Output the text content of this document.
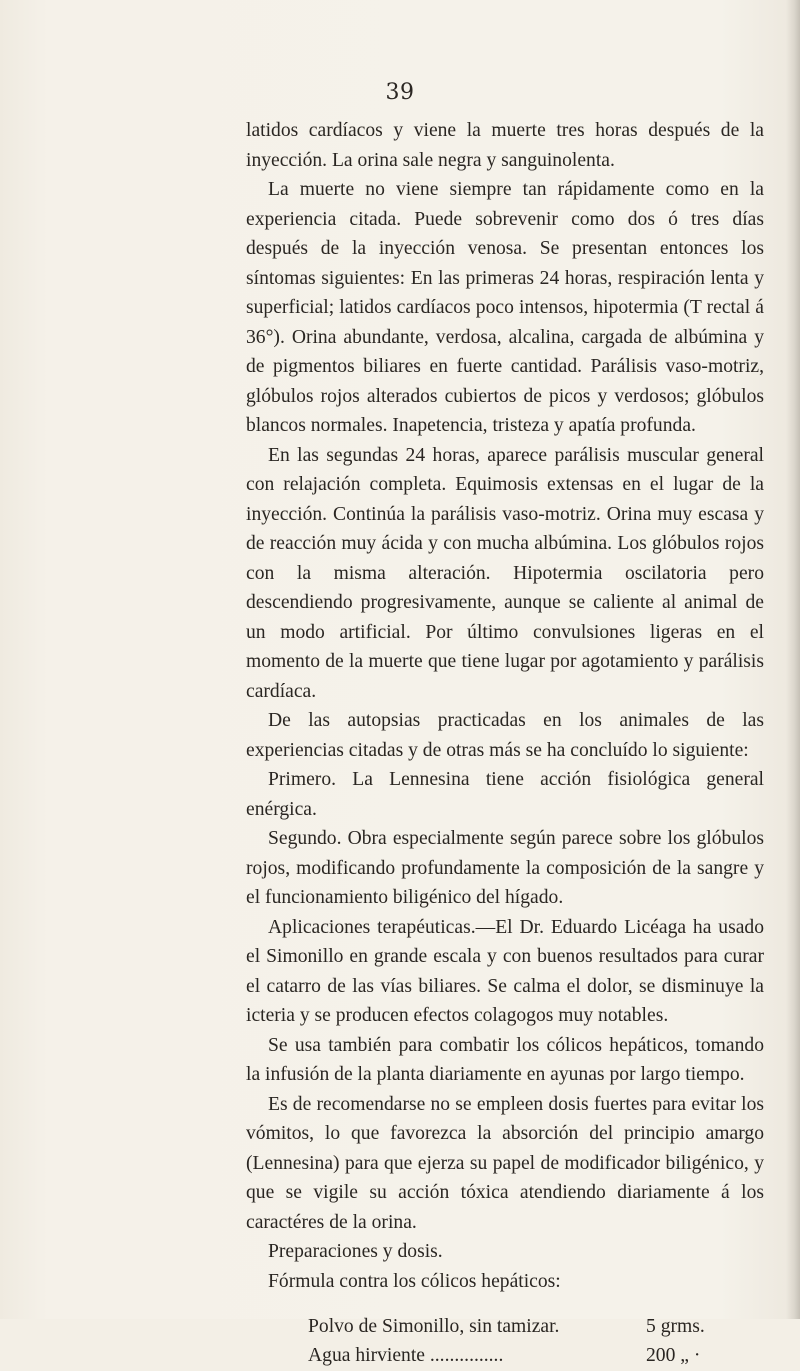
39

latidos cardíacos y viene la muerte tres horas después de la inyección. La orina sale negra y sanguinolenta.

La muerte no viene siempre tan rápidamente como en la experiencia citada. Puede sobrevenir como dos ó tres días después de la inyección venosa. Se presentan entonces los síntomas siguientes: En las primeras 24 horas, respiración lenta y superficial; latidos cardíacos poco intensos, hipotermia (T rectal á 36°). Orina abundante, verdosa, alcalina, cargada de albúmina y de pigmentos biliares en fuerte cantidad. Parálisis vaso-motriz, glóbulos rojos alterados cubiertos de picos y verdosos; glóbulos blancos normales. Inapetencia, tristeza y apatía profunda.

En las segundas 24 horas, aparece parálisis muscular general con relajación completa. Equimosis extensas en el lugar de la inyección. Continúa la parálisis vaso-motriz. Orina muy escasa y de reacción muy ácida y con mucha albúmina. Los glóbulos rojos con la misma alteración. Hipotermia oscilatoria pero descendiendo progresivamente, aunque se caliente al animal de un modo artificial. Por último convulsiones ligeras en el momento de la muerte que tiene lugar por agotamiento y parálisis cardíaca.

De las autopsias practicadas en los animales de las experiencias citadas y de otras más se ha concluído lo siguiente:

Primero. La Lennesina tiene acción fisiológica general enérgica.

Segundo. Obra especialmente según parece sobre los glóbulos rojos, modificando profundamente la composición de la sangre y el funcionamiento biligénico del hígado.

Aplicaciones terapéuticas.—El Dr. Eduardo Licéaga ha usado el Simonillo en grande escala y con buenos resultados para curar el catarro de las vías biliares. Se calma el dolor, se disminuye la icteria y se producen efectos colagogos muy notables.

Se usa también para combatir los cólicos hepáticos, tomando la infusión de la planta diariamente en ayunas por largo tiempo.

Es de recomendarse no se empleen dosis fuertes para evitar los vómitos, lo que favorezca la absorción del principio amargo (Lennesina) para que ejerza su papel de modificador biligénico, y que se vigile su acción tóxica atendiendo diariamente á los caractéres de la orina.

Preparaciones y dosis.

Fórmula contra los cólicos hepáticos:

Polvo de Simonillo, sin tamizar.	5 grms.
Agua hirviente ...............	200 „ ·
